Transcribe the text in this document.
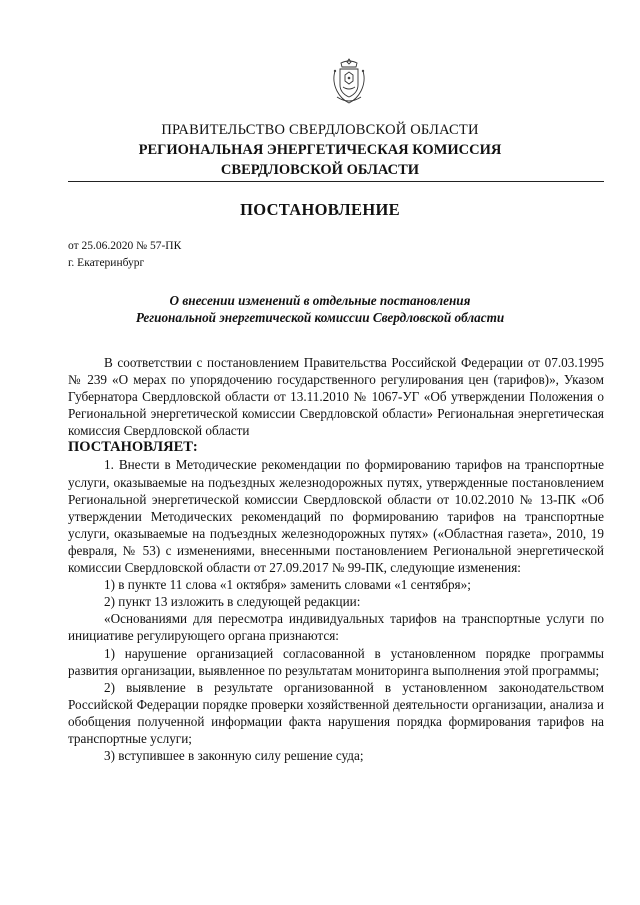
ПРАВИТЕЛЬСТВО СВЕРДЛОВСКОЙ ОБЛАСТИ
РЕГИОНАЛЬНАЯ ЭНЕРГЕТИЧЕСКАЯ КОМИССИЯ
СВЕРДЛОВСКОЙ ОБЛАСТИ
ПОСТАНОВЛЕНИЕ
от 25.06.2020 № 57-ПК
г. Екатеринбург
О внесении изменений в отдельные постановления
Региональной энергетической комиссии Свердловской области

В соответствии с постановлением Правительства Российской Федерации от 07.03.1995 № 239 «О мерах по упорядочению государственного регулирования цен (тарифов)», Указом Губернатора Свердловской области от 13.11.2010 № 1067-УГ «Об утверждении Положения о Региональной энергетической комиссии Свердловской области» Региональная энергетическая комиссия Свердловской области

ПОСТАНОВЛЯЕТ:

1. Внести в Методические рекомендации по формированию тарифов на транспортные услуги, оказываемые на подъездных железнодорожных путях, утвержденные постановлением Региональной энергетической комиссии Свердловской области от 10.02.2010 № 13-ПК «Об утверждении Методических рекомендаций по формированию тарифов на транспортные услуги, оказываемые на подъездных железнодорожных путях» («Областная газета», 2010, 19 февраля, № 53) с изменениями, внесенными постановлением Региональной энергетической комиссии Свердловской области от 27.09.2017 № 99-ПК, следующие изменения:

1) в пункте 11 слова «1 октября» заменить словами «1 сентября»;

2) пункт 13 изложить в следующей редакции:

«Основаниями для пересмотра индивидуальных тарифов на транспортные услуги по инициативе регулирующего органа признаются:

1) нарушение организацией согласованной в установленном порядке программы развития организации, выявленное по результатам мониторинга выполнения этой программы;

2) выявление в результате организованной в установленном законодательством Российской Федерации порядке проверки хозяйственной деятельности организации, анализа и обобщения полученной информации факта нарушения порядка формирования тарифов на транспортные услуги;

3) вступившее в законную силу решение суда;
